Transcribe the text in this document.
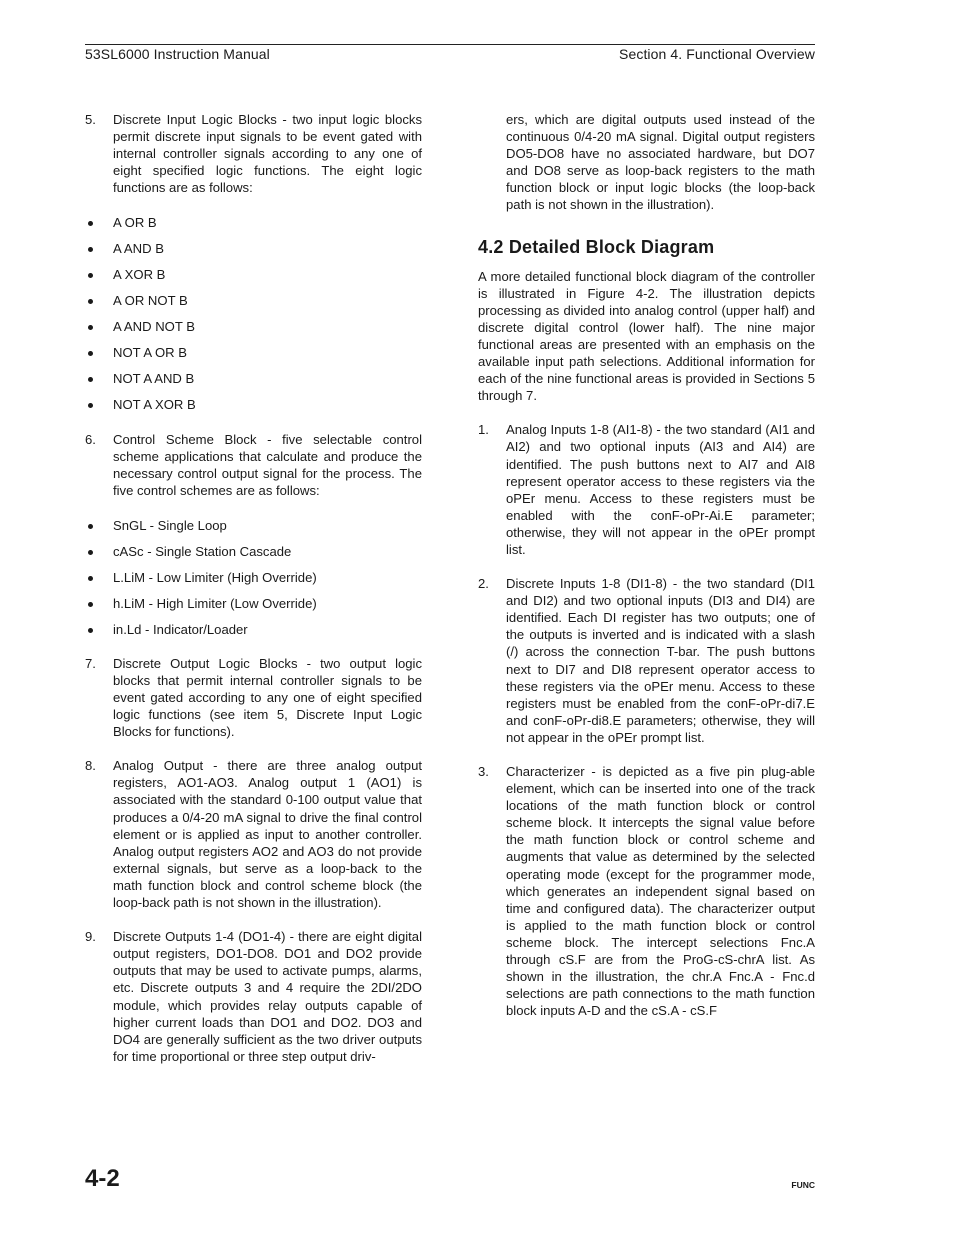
53SL6000 Instruction Manual	Section 4. Functional Overview
5. Discrete Input Logic Blocks - two input logic blocks permit discrete input signals to be event gated with internal controller signals according to any one of eight specified logic functions. The eight logic functions are as follows:
A OR B
A AND B
A XOR B
A OR NOT B
A AND NOT B
NOT A OR B
NOT A AND B
NOT A XOR B
6. Control Scheme Block - five selectable control scheme applications that calculate and produce the necessary control output signal for the process. The five control schemes are as follows:
SnGL - Single Loop
cASc - Single Station Cascade
L.LiM - Low Limiter (High Override)
h.LiM - High Limiter (Low Override)
in.Ld - Indicator/Loader
7. Discrete Output Logic Blocks - two output logic blocks that permit internal controller signals to be event gated according to any one of eight specified logic functions (see item 5, Discrete Input Logic Blocks for functions).
8. Analog Output - there are three analog output registers, AO1-AO3. Analog output 1 (AO1) is associated with the standard 0-100 output value that produces a 0/4-20 mA signal to drive the final control element or is applied as input to another controller. Analog output registers AO2 and AO3 do not provide external signals, but serve as a loop-back to the math function block and control scheme block (the loop-back path is not shown in the illustration).
9. Discrete Outputs 1-4 (DO1-4) - there are eight digital output registers, DO1-DO8. DO1 and DO2 provide outputs that may be used to activate pumps, alarms, etc. Discrete outputs 3 and 4 require the 2DI/2DO module, which provides relay outputs capable of higher current loads than DO1 and DO2. DO3 and DO4 are generally sufficient as the two driver outputs for time proportional or three step output driv-
ers, which are digital outputs used instead of the continuous 0/4-20 mA signal. Digital output registers DO5-DO8 have no associated hardware, but DO7 and DO8 serve as loop-back registers to the math function block or input logic blocks (the loop-back path is not shown in the illustration).
4.2 Detailed Block Diagram
A more detailed functional block diagram of the controller is illustrated in Figure 4-2. The illustration depicts processing as divided into analog control (upper half) and discrete digital control (lower half). The nine major functional areas are presented with an emphasis on the available input path selections. Additional information for each of the nine functional areas is provided in Sections 5 through 7.
1. Analog Inputs 1-8 (AI1-8) - the two standard (AI1 and AI2) and two optional inputs (AI3 and AI4) are identified. The push buttons next to AI7 and AI8 represent operator access to these registers via the oPEr menu. Access to these registers must be enabled with the conF-oPr-Ai.E parameter; otherwise, they will not appear in the oPEr prompt list.
2. Discrete Inputs 1-8 (DI1-8) - the two standard (DI1 and DI2) and two optional inputs (DI3 and DI4) are identified. Each DI register has two outputs; one of the outputs is inverted and is indicated with a slash (/) across the connection T-bar. The push buttons next to DI7 and DI8 represent operator access to these registers via the oPEr menu. Access to these registers must be enabled from the conF-oPr-di7.E and conF-oPr-di8.E parameters; otherwise, they will not appear in the oPEr prompt list.
3. Characterizer - is depicted as a five pin plug-able element, which can be inserted into one of the track locations of the math function block or control scheme block. It intercepts the signal value before the math function block or control scheme and augments that value as determined by the selected operating mode (except for the programmer mode, which generates an independent signal based on time and configured data). The characterizer output is applied to the math function block or control scheme block. The intercept selections Fnc.A through cS.F are from the ProG-cS-chrA list. As shown in the illustration, the chr.A Fnc.A - Fnc.d selections are path connections to the math function block inputs A-D and the cS.A - cS.F
4-2	FUNC
